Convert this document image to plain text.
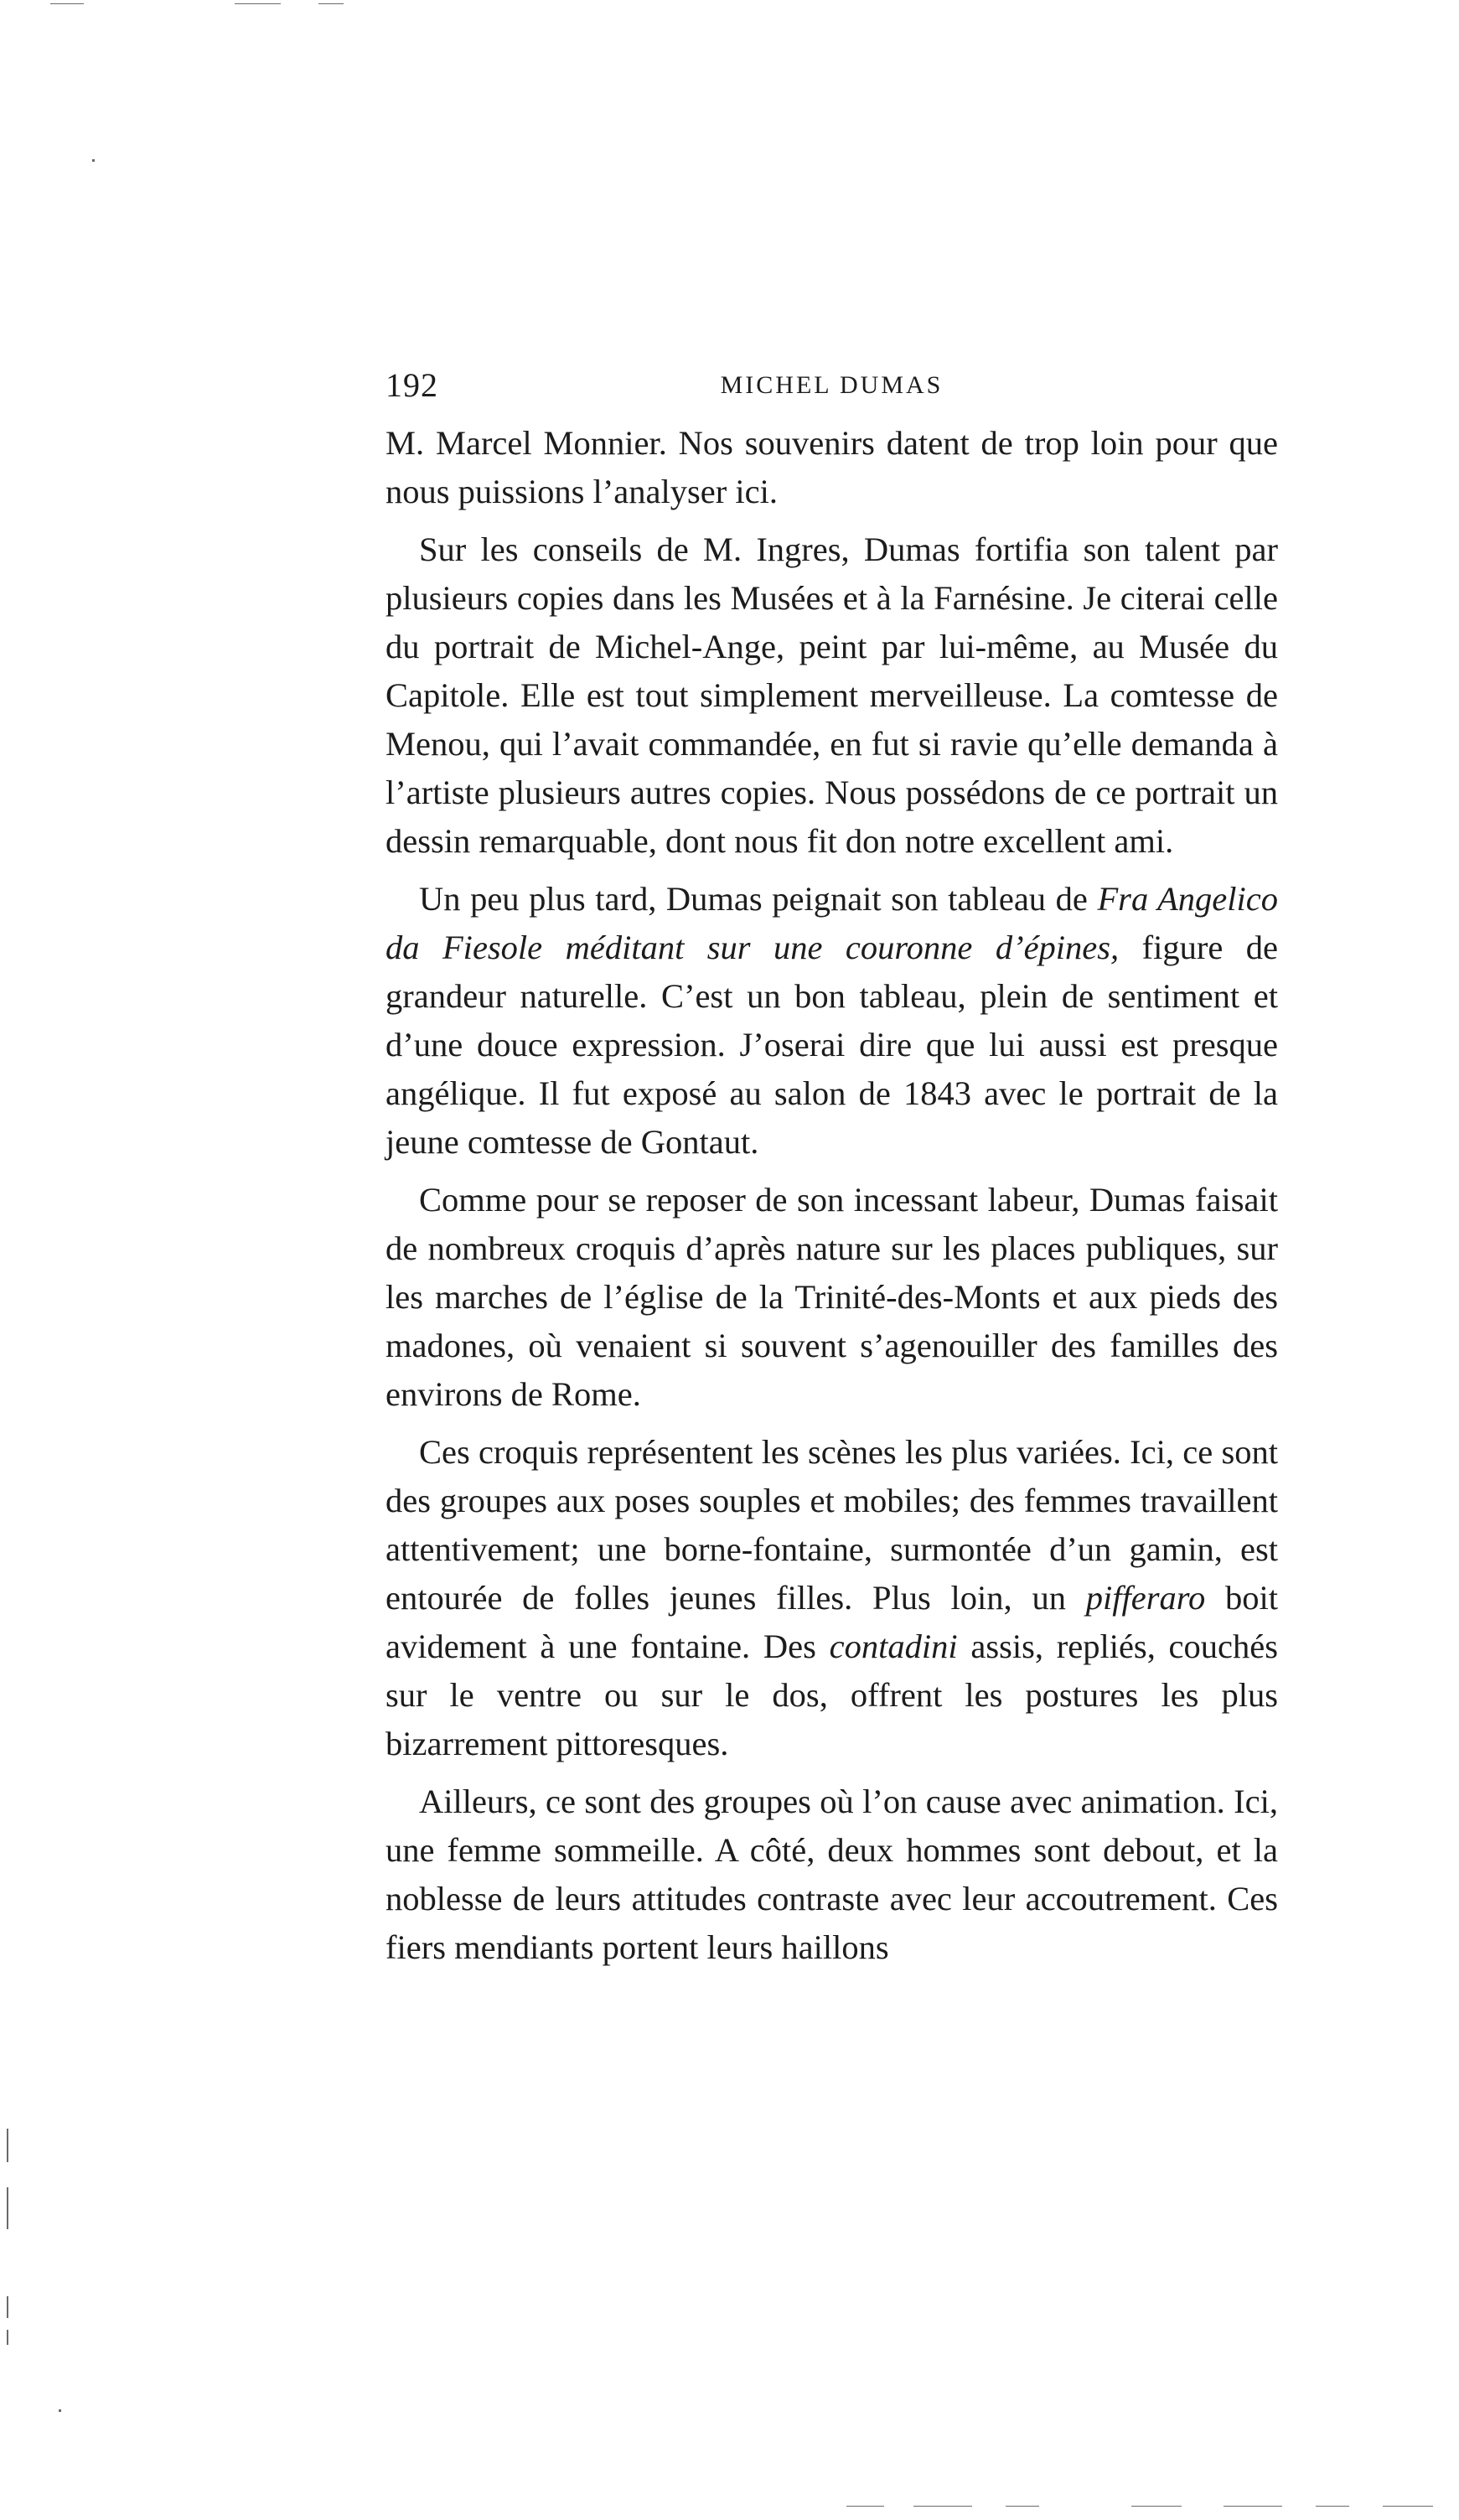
192	MICHEL DUMAS

M. Marcel Monnier. Nos souvenirs datent de trop loin pour que nous puissions l’analyser ici.

Sur les conseils de M. Ingres, Dumas fortifia son talent par plusieurs copies dans les Musées et à la Farnésine. Je citerai celle du portrait de Michel-Ange, peint par lui-même, au Musée du Capitole. Elle est tout simplement merveilleuse. La comtesse de Menou, qui l’avait commandée, en fut si ravie qu’elle demanda à l’artiste plusieurs autres copies. Nous possédons de ce portrait un dessin remarquable, dont nous fit don notre excellent ami.

Un peu plus tard, Dumas peignait son tableau de Fra Angelico da Fiesole méditant sur une couronne d’épines, figure de grandeur naturelle. C’est un bon tableau, plein de sentiment et d’une douce expression. J’oserai dire que lui aussi est presque angélique. Il fut exposé au salon de 1843 avec le portrait de la jeune comtesse de Gontaut.

Comme pour se reposer de son incessant labeur, Dumas faisait de nombreux croquis d’après nature sur les places publiques, sur les marches de l’église de la Trinité-des-Monts et aux pieds des madones, où venaient si souvent s’agenouiller des familles des environs de Rome.

Ces croquis représentent les scènes les plus variées. Ici, ce sont des groupes aux poses souples et mobiles; des femmes travaillent attentivement; une borne-fontaine, surmontée d’un gamin, est entourée de folles jeunes filles. Plus loin, un pifferaro boit avidement à une fontaine. Des contadini assis, repliés, couchés sur le ventre ou sur le dos, offrent les postures les plus bizarrement pittoresques.

Ailleurs, ce sont des groupes où l’on cause avec animation. Ici, une femme sommeille. A côté, deux hommes sont debout, et la noblesse de leurs attitudes contraste avec leur accoutrement. Ces fiers mendiants portent leurs haillons
